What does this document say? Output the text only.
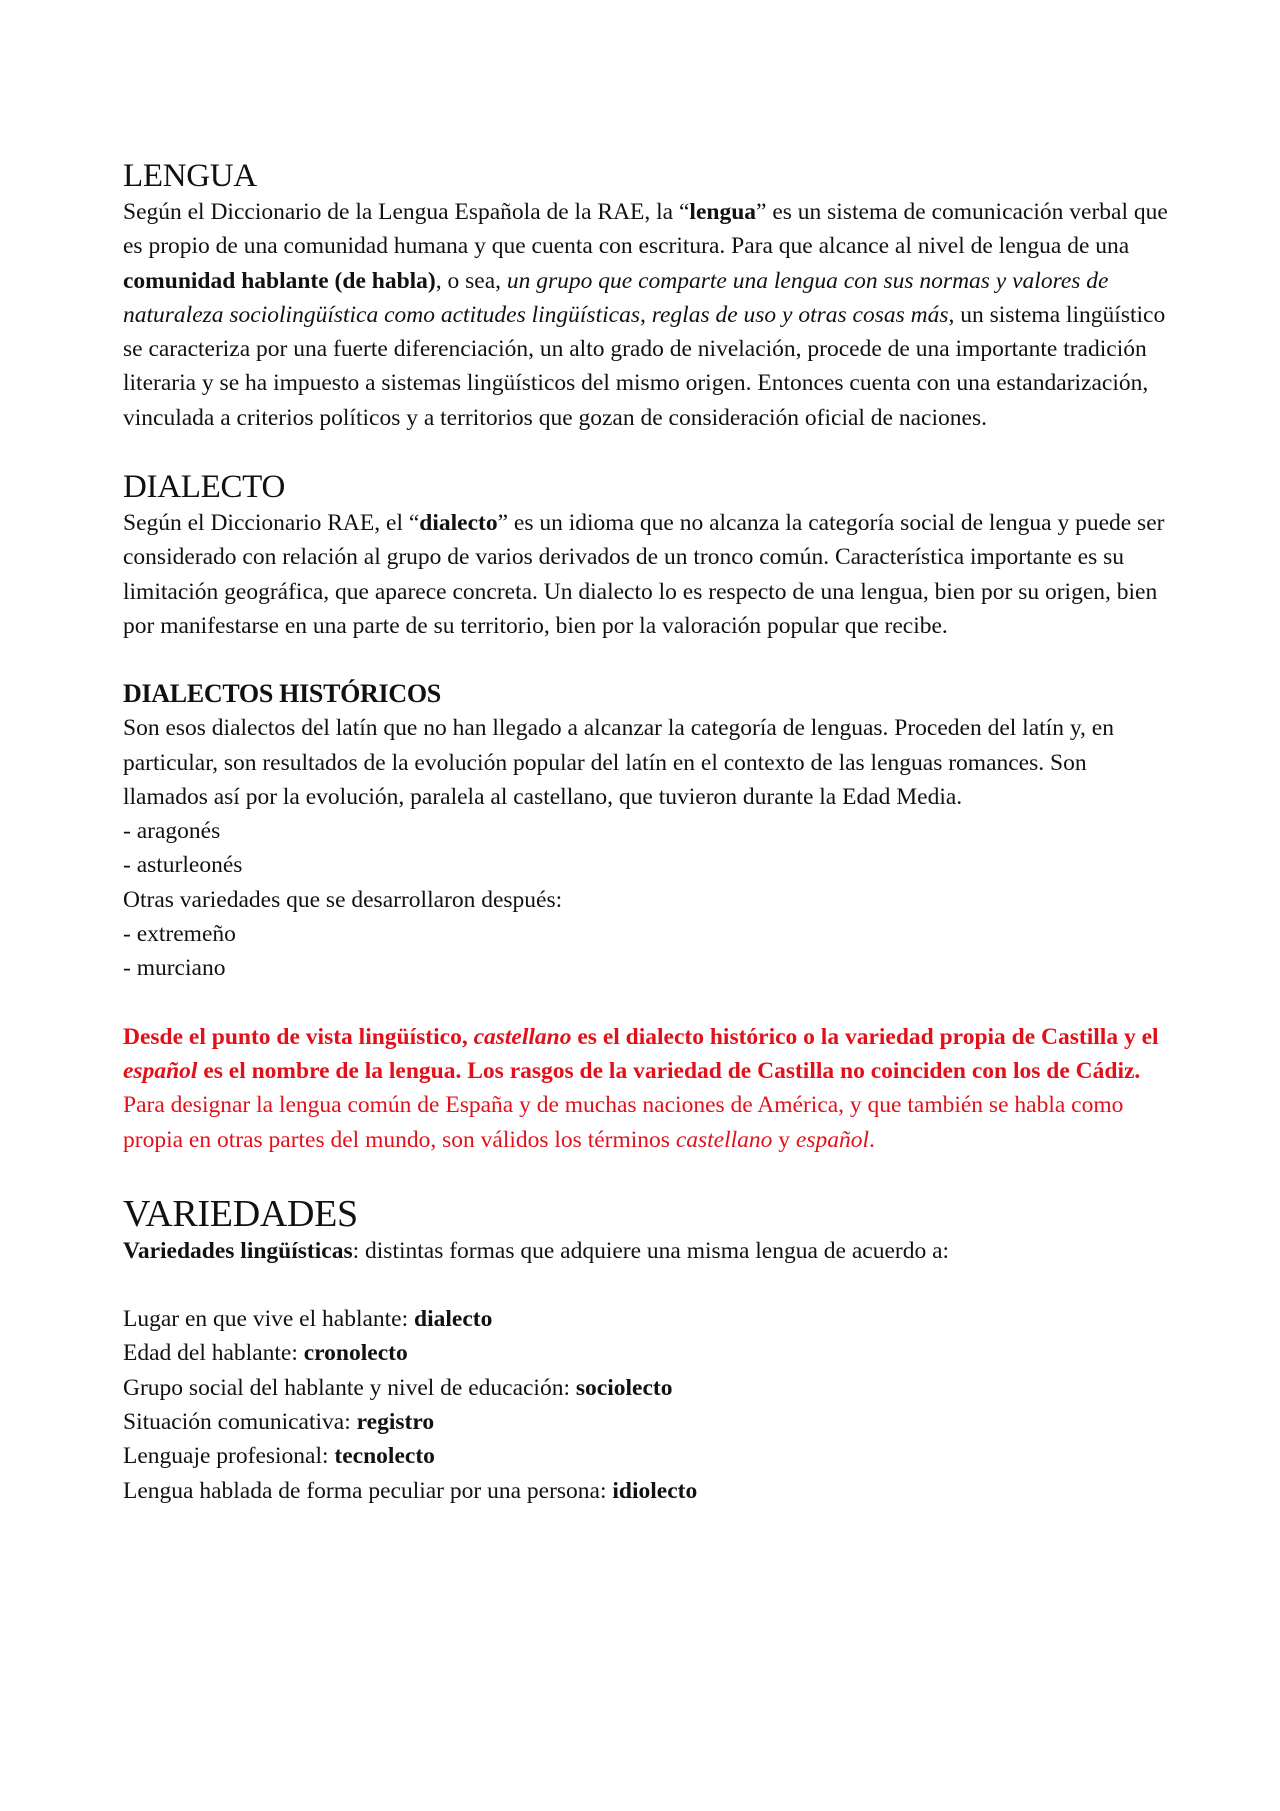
LENGUA

Según el Diccionario de la Lengua Española de la RAE, la “lengua” es un sistema de comunicación verbal que es propio de una comunidad humana y que cuenta con escritura. Para que alcance al nivel de lengua de una comunidad hablante (de habla), o sea, un grupo que comparte una lengua con sus normas y valores de naturaleza sociolingüística como actitudes lingüísticas, reglas de uso y otras cosas más, un sistema lingüístico se caracteriza por una fuerte diferenciación, un alto grado de nivelación, procede de una importante tradición literaria y se ha impuesto a sistemas lingüísticos del mismo origen. Entonces cuenta con una estandarización, vinculada a criterios políticos y a territorios que gozan de consideración oficial de naciones.

DIALECTO

Según el Diccionario RAE, el “dialecto” es un idioma que no alcanza la categoría social de lengua y puede ser considerado con relación al grupo de varios derivados de un tronco común. Característica importante es su limitación geográfica, que aparece concreta. Un dialecto lo es respecto de una lengua, bien por su origen, bien por manifestarse en una parte de su territorio, bien por la valoración popular que recibe.

DIALECTOS HISTÓRICOS

Son esos dialectos del latín que no han llegado a alcanzar la categoría de lenguas. Proceden del latín y, en particular, son resultados de la evolución popular del latín en el contexto de las lenguas romances. Son llamados así por la evolución, paralela al castellano, que tuvieron durante la Edad Media.

- aragonés
- asturleonés

Otras variedades que se desarrollaron después:

- extremeño
- murciano

Desde el punto de vista lingüístico, castellano es el dialecto histórico o la variedad propia de Castilla y el español es el nombre de la lengua. Los rasgos de la variedad de Castilla no coinciden con los de Cádiz.

Para designar la lengua común de España y de muchas naciones de América, y que también se habla como propia en otras partes del mundo, son válidos los términos castellano y español.

VARIEDADES

Variedades lingüísticas: distintas formas que adquiere una misma lengua de acuerdo a:

Lugar en que vive el hablante: dialecto
Edad del hablante: cronolecto
Grupo social del hablante y nivel de educación: sociolecto
Situación comunicativa: registro
Lenguaje profesional: tecnolecto
Lengua hablada de forma peculiar por una persona: idiolecto
